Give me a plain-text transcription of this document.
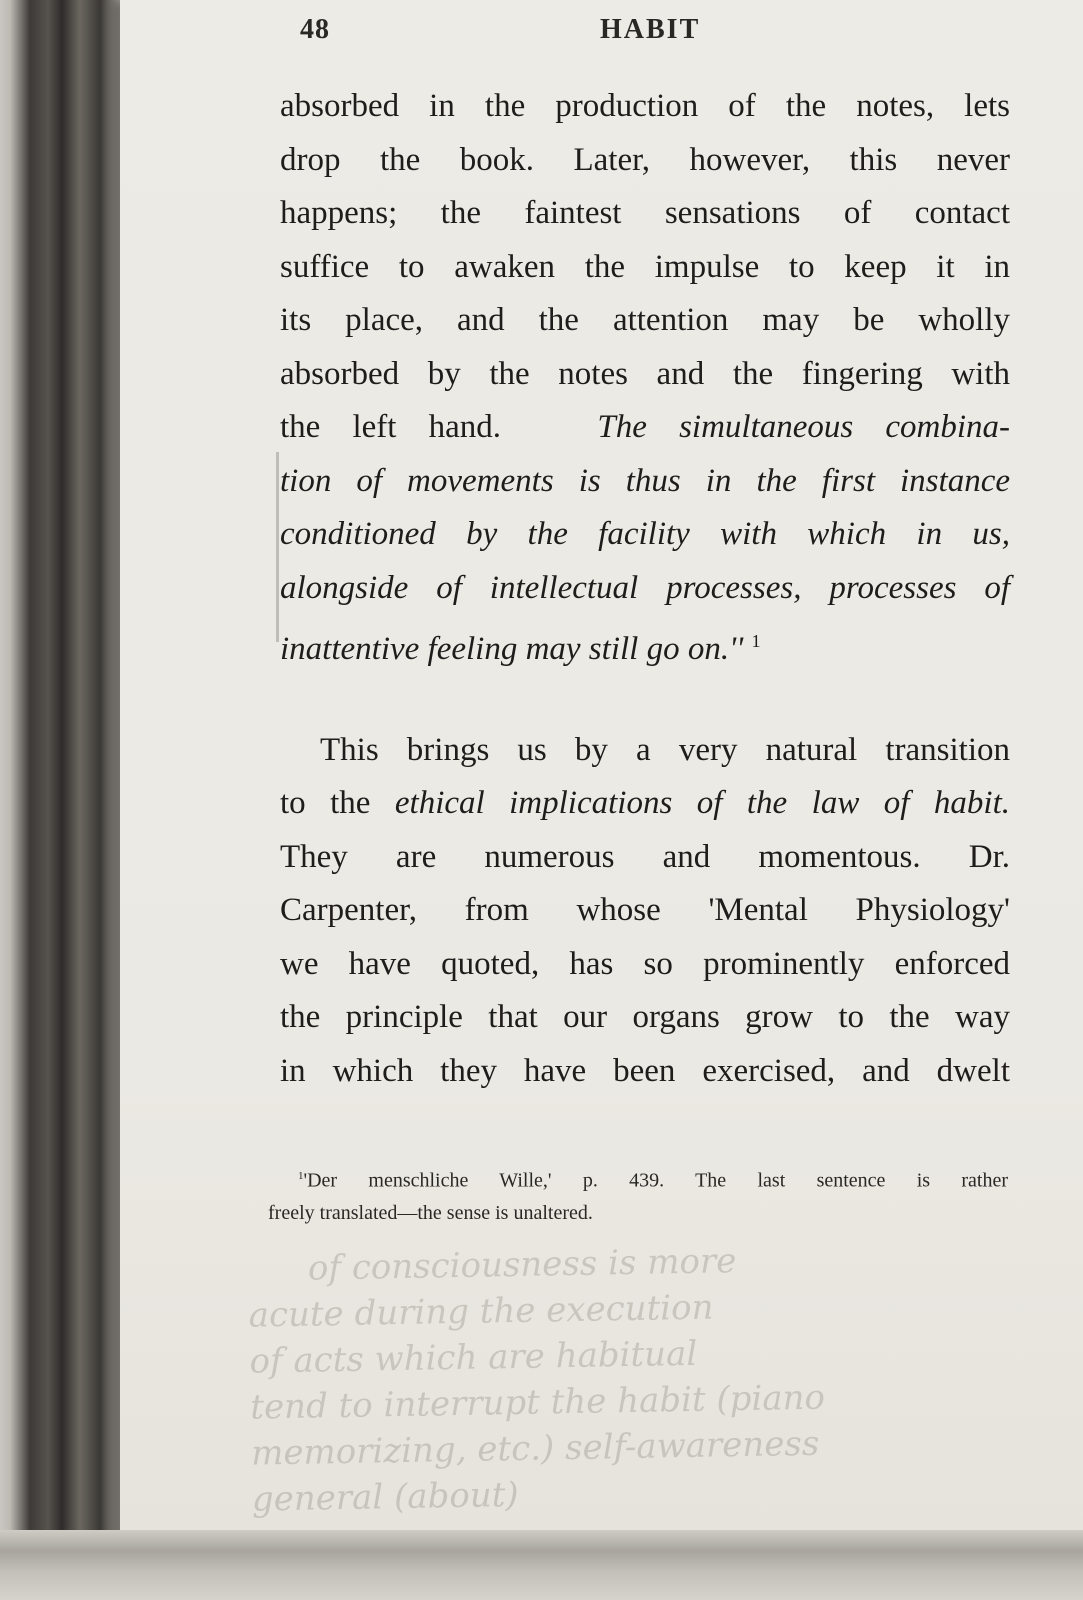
48	HABIT
absorbed in the production of the notes, lets
drop the book. Later, however, this never
happens; the faintest sensations of contact
suffice to awaken the impulse to keep it in
its place, and the attention may be wholly
absorbed by the notes and the fingering with
the left hand.	The simultaneous combina-
tion of movements is thus in the first instance
conditioned by the facility with which in us,
alongside of intellectual processes, processes of
inattentive feeling may still go on.'' $^1$
This brings us by a very natural transition
to the ethical implications of the law of habit.
They are numerous and momentous. Dr.
Carpenter, from whose 'Mental Physiology'
we have quoted, has so prominently enforced
the principle that our organs grow to the way
in which they have been exercised, and dwelt
$^1$'Der menschliche Wille,' p. 439. The last sentence is rather
freely translated—the sense is unaltered.
of consciousness is more
acute during the execution
of acts which are habitual
tend to interrupt the habit (piano
memorizing, etc.) self-awareness
general (about)
